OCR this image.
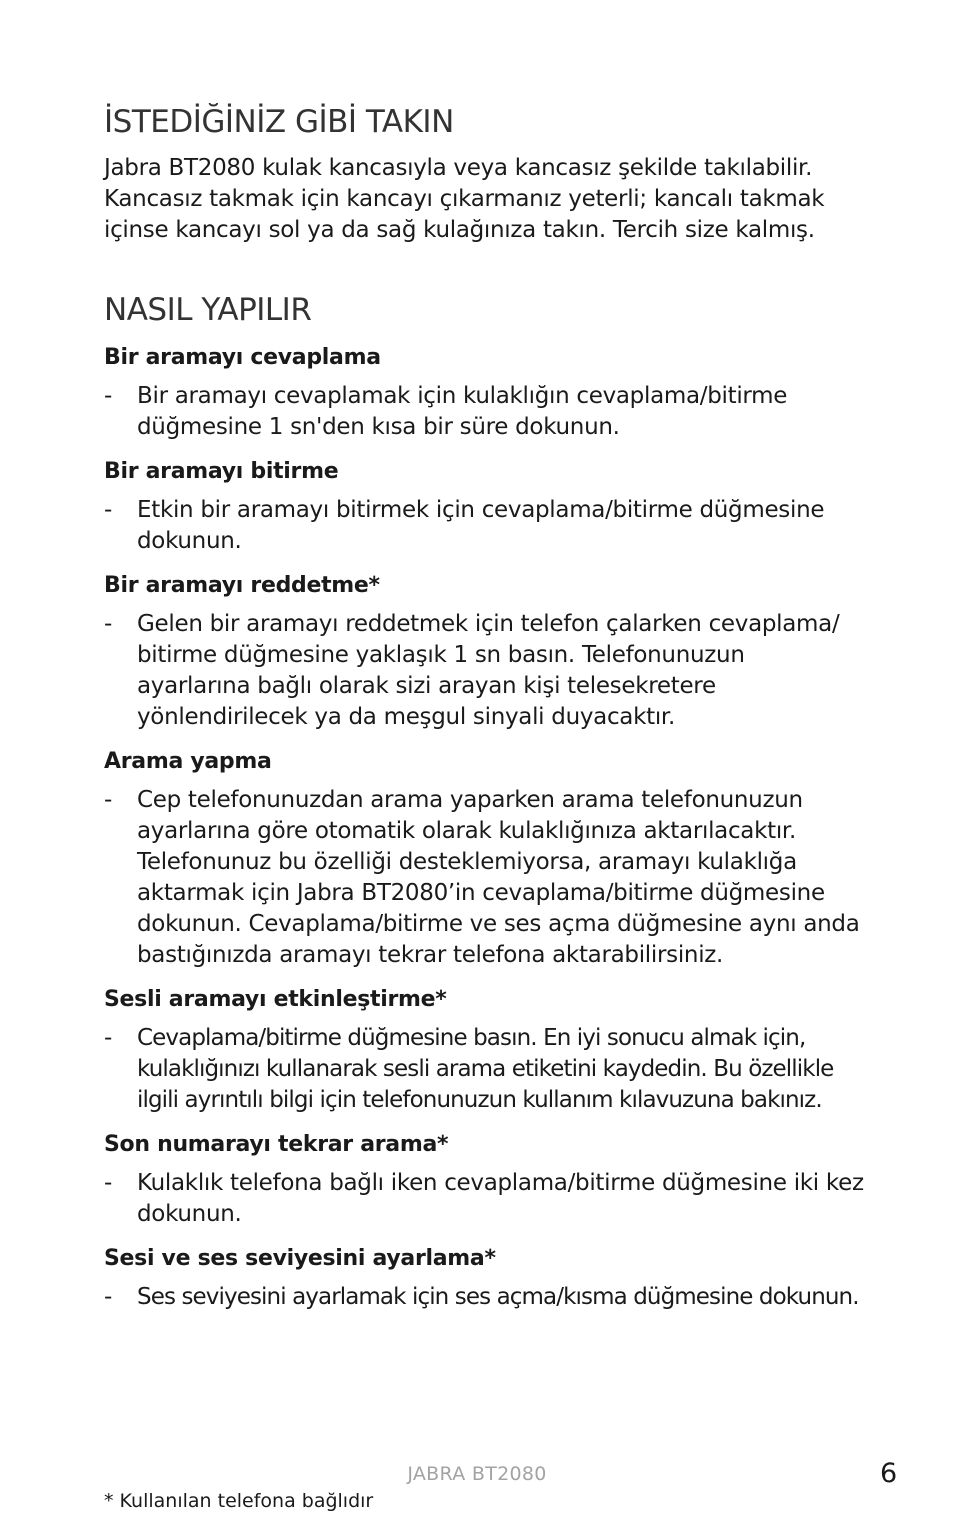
İSTEDİĞİNİZ GİBİ TAKIN

Jabra BT2080 kulak kancasıyla veya kancasız şekilde takılabilir. Kancasız takmak için kancayı çıkarmanız yeterli; kancalı takmak içinse kancayı sol ya da sağ kulağınıza takın. Tercih size kalmış.

NASIL YAPILIR
Bir aramayı cevaplama
-	Bir aramayı cevaplamak için kulaklığın cevaplama/bitirme düğmesine 1 sn'den kısa bir süre dokunun.
Bir aramayı bitirme
-	Etkin bir aramayı bitirmek için cevaplama/bitirme düğmesine dokunun.
Bir aramayı reddetme*
-	Gelen bir aramayı reddetmek için telefon çalarken cevaplama/ bitirme düğmesine yaklaşık 1 sn basın. Telefonunuzun ayarlarına bağlı olarak sizi arayan kişi telesekretere yönlendirilecek ya da meşgul sinyali duyacaktır.
Arama yapma
-	Cep telefonunuzdan arama yaparken arama telefonunuzun ayarlarına göre otomatik olarak kulaklığınıza aktarılacaktır. Telefonunuz bu özelliği desteklemiyorsa, aramayı kulaklığa aktarmak için Jabra BT2080’in cevaplama/bitirme düğmesine dokunun. Cevaplama/bitirme ve ses açma düğmesine aynı anda bastığınızda aramayı tekrar telefona aktarabilirsiniz.
Sesli aramayı etkinleştirme*
-	Cevaplama/bitirme düğmesine basın. En iyi sonucu almak için, kulaklığınızı kullanarak sesli arama etiketini kaydedin. Bu özellikle ilgili ayrıntılı bilgi için telefonunuzun kullanım kılavuzuna bakınız.
Son numarayı tekrar arama*
-	Kulaklık telefona bağlı iken cevaplama/bitirme düğmesine iki kez dokunun.
Sesi ve ses seviyesini ayarlama*
-	Ses seviyesini ayarlamak için ses açma/kısma düğmesine dokunun.
JABRA BT2080	6
* Kullanılan telefona bağlıdır
